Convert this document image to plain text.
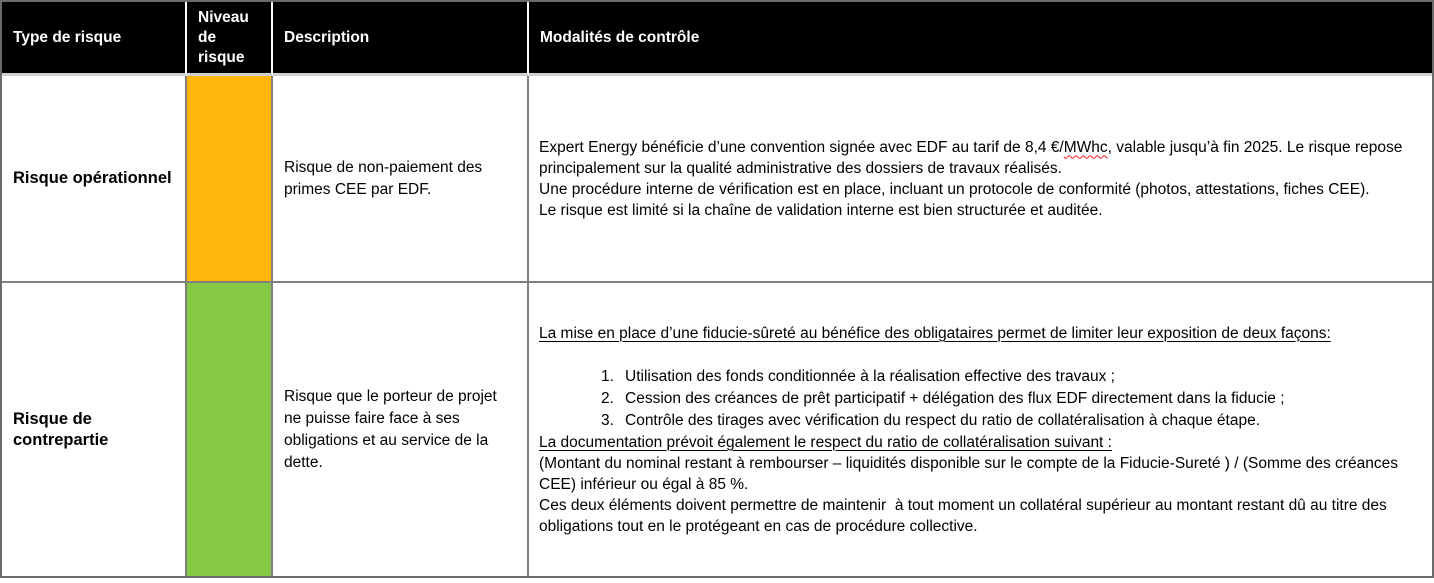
Type de risque
Niveau de risque
Description	Modalités de contrôle
Risque opérationnel
Risque de non-paiement des primes CEE par EDF.

Expert Energy bénéficie d’une convention signée avec EDF au tarif de 8,4 €/MWhc, valable jusqu’à fin 2025. Le risque repose principalement sur la qualité administrative des dossiers de travaux réalisés.

Une procédure interne de vérification est en place, incluant un protocole de conformité (photos, attestations, fiches CEE).
Le risque est limité si la chaîne de validation interne est bien structurée et auditée.

Risque de contrepartie
Risque que le porteur de projet ne puisse faire face à ses obligations et au service de la dette.

La mise en place d’une fiducie-sûreté au bénéfice des obligataires permet de limiter leur exposition de deux façons:

1. Utilisation des fonds conditionnée à la réalisation effective des travaux ;
2. Cession des créances de prêt participatif + délégation des flux EDF directement dans la fiducie ;
3. Contrôle des tirages avec vérification du respect du ratio de collatéralisation à chaque étape.

La documentation prévoit également le respect du ratio de collatéralisation suivant :

(Montant du nominal restant à rembourser – liquidités disponible sur le compte de la Fiducie-Sureté ) / (Somme des créances CEE) inférieur ou égal à 85 %.

Ces deux éléments doivent permettre de maintenir  à tout moment un collatéral supérieur au montant restant dû au titre des obligations tout en le protégeant en cas de procédure collective.
